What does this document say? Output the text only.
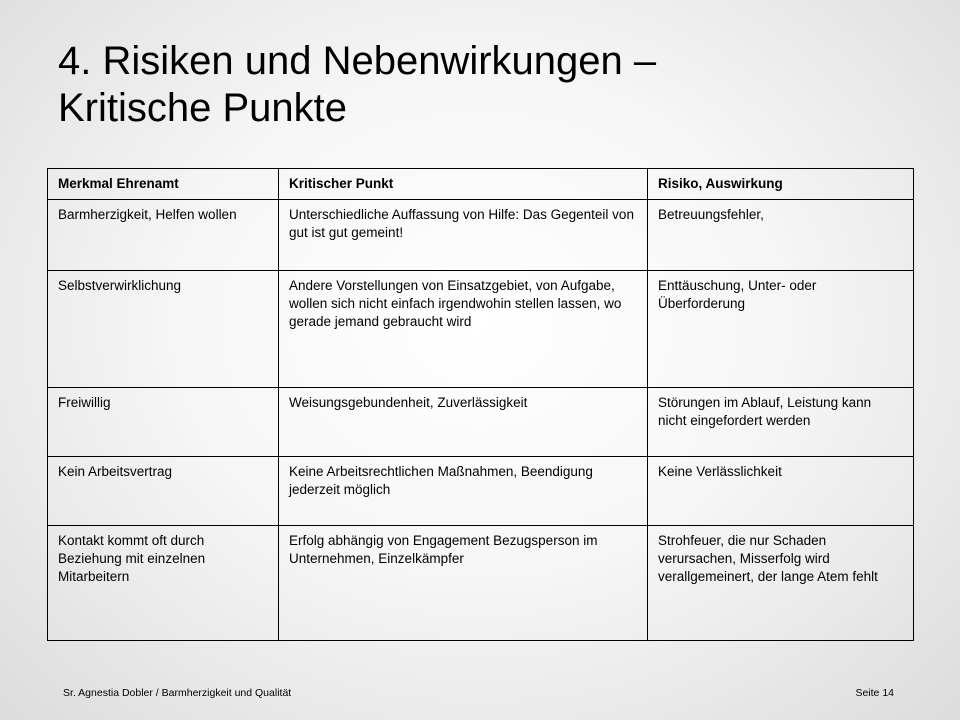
4. Risiken und Nebenwirkungen –
Kritische Punkte
Merkmal Ehrenamt	Kritischer Punkt	Risiko, Auswirkung
Barmherzigkeit, Helfen wollen	Unterschiedliche Auffassung von Hilfe: Das Gegenteil von gut ist gut gemeint!	Betreuungsfehler,
Selbstverwirklichung	Andere Vorstellungen von Einsatzgebiet, von Aufgabe, wollen sich nicht einfach irgendwohin stellen lassen, wo gerade jemand gebraucht wird	Enttäuschung, Unter- oder Überforderung
Freiwillig	Weisungsgebundenheit, Zuverlässigkeit	Störungen im Ablauf, Leistung kann nicht eingefordert werden
Kein Arbeitsvertrag	Keine Arbeitsrechtlichen Maßnahmen, Beendigung jederzeit möglich	Keine Verlässlichkeit
Kontakt kommt oft durch Beziehung mit einzelnen Mitarbeitern	Erfolg abhängig von Engagement Bezugsperson im Unternehmen, Einzelkämpfer	Strohfeuer, die nur Schaden verursachen, Misserfolg wird verallgemeinert, der lange Atem fehlt
Sr. Agnestia Dobler / Barmherzigkeit und Qualität	Seite 14
